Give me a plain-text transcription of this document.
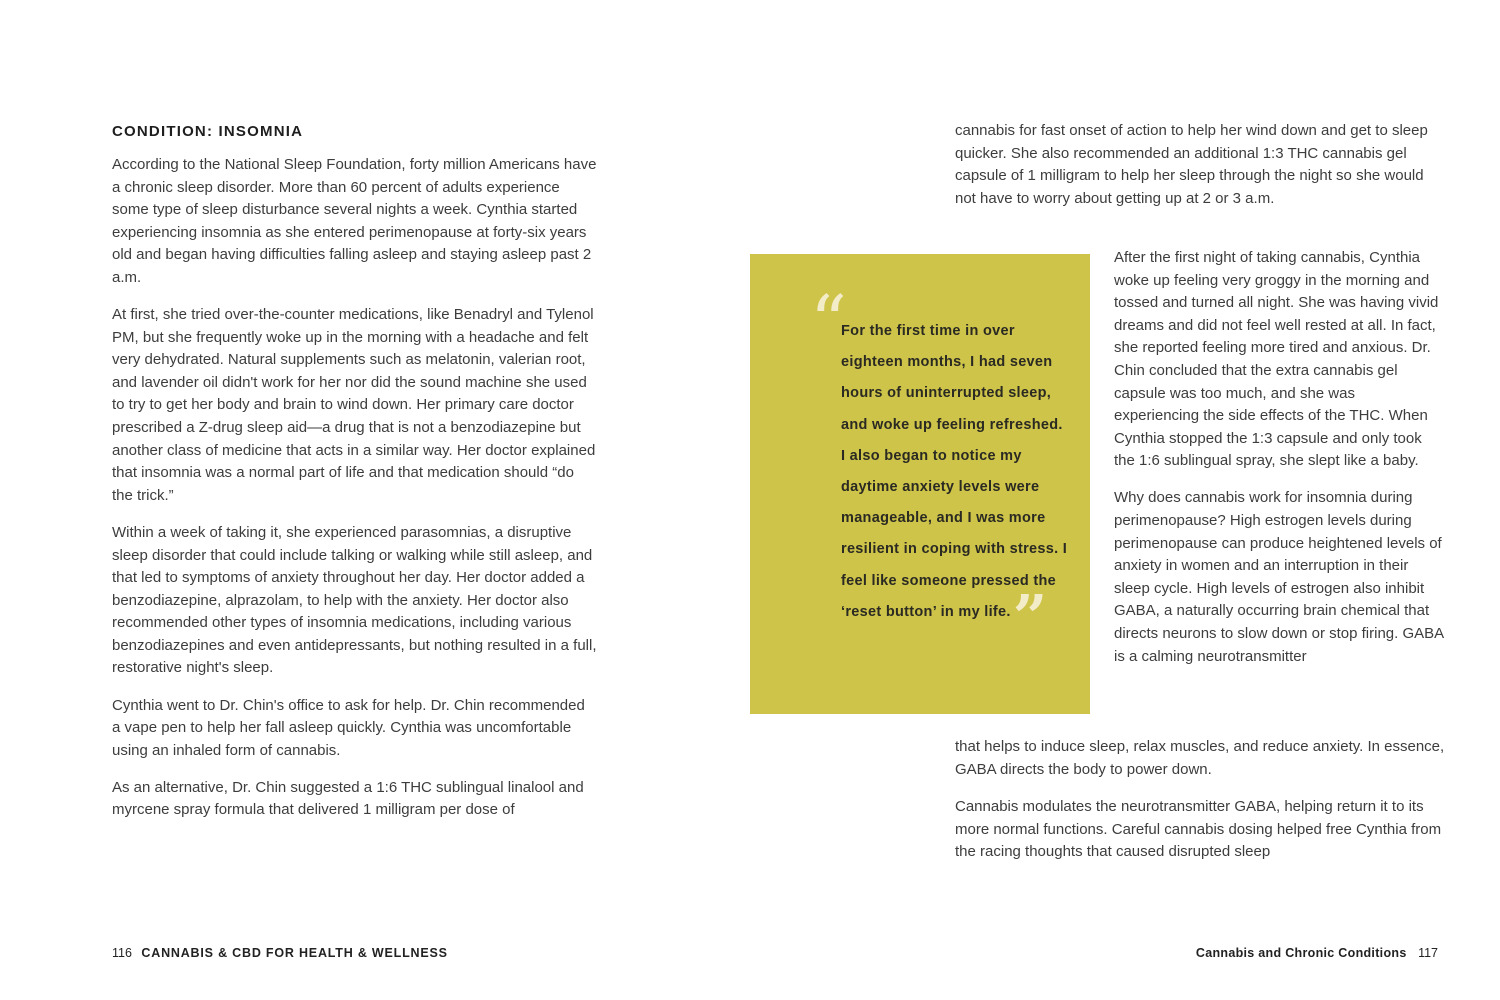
CONDITION: INSOMNIA

According to the National Sleep Foundation, forty million Americans have a chronic sleep disorder. More than 60 percent of adults experience some type of sleep disturbance several nights a week. Cynthia started experiencing insomnia as she entered perimenopause at forty-six years old and began having difficulties falling asleep and staying asleep past 2 a.m.

At first, she tried over-the-counter medications, like Benadryl and Tylenol PM, but she frequently woke up in the morning with a headache and felt very dehydrated. Natural supplements such as melatonin, valerian root, and lavender oil didn't work for her nor did the sound machine she used to try to get her body and brain to wind down. Her primary care doctor prescribed a Z-drug sleep aid—a drug that is not a benzodiazepine but another class of medicine that acts in a similar way. Her doctor explained that insomnia was a normal part of life and that medication should “do the trick.”

Within a week of taking it, she experienced parasomnias, a disruptive sleep disorder that could include talking or walking while still asleep, and that led to symptoms of anxiety throughout her day. Her doctor added a benzodiazepine, alprazolam, to help with the anxiety. Her doctor also recommended other types of insomnia medications, including various benzodiazepines and even antidepressants, but nothing resulted in a full, restorative night's sleep.

Cynthia went to Dr. Chin's office to ask for help. Dr. Chin recommended a vape pen to help her fall asleep quickly. Cynthia was uncomfortable using an inhaled form of cannabis.

As an alternative, Dr. Chin suggested a 1:6 THC sublingual linalool and myrcene spray formula that delivered 1 milligram per dose of

116 CANNABIS & CBD FOR HEALTH & WELLNESS

cannabis for fast onset of action to help her wind down and get to sleep quicker. She also recommended an additional 1:3 THC cannabis gel capsule of 1 milligram to help her sleep through the night so she would not have to worry about getting up at 2 or 3 a.m.

“
For the first time in over eighteen months, I had seven hours of uninterrupted sleep, and woke up feeling refreshed. I also began to notice my daytime anxiety levels were manageable, and I was more resilient in coping with stress. I feel like someone pressed the ‘reset button’ in my life.”

After the first night of taking cannabis, Cynthia woke up feeling very groggy in the morning and tossed and turned all night. She was having vivid dreams and did not feel well rested at all. In fact, she reported feeling more tired and anxious. Dr. Chin concluded that the extra cannabis gel capsule was too much, and she was experiencing the side effects of the THC. When Cynthia stopped the 1:3 capsule and only took the 1:6 sublingual spray, she slept like a baby.

Why does cannabis work for insomnia during perimenopause? High estrogen levels during perimenopause can produce heightened levels of anxiety in women and an interruption in their sleep cycle. High levels of estrogen also inhibit GABA, a naturally occurring brain chemical that directs neurons to slow down or stop firing. GABA is a calming neurotransmitter

that helps to induce sleep, relax muscles, and reduce anxiety. In essence, GABA directs the body to power down.

Cannabis modulates the neurotransmitter GABA, helping return it to its more normal functions. Careful cannabis dosing helped free Cynthia from the racing thoughts that caused disrupted sleep

Cannabis and Chronic Conditions 117
